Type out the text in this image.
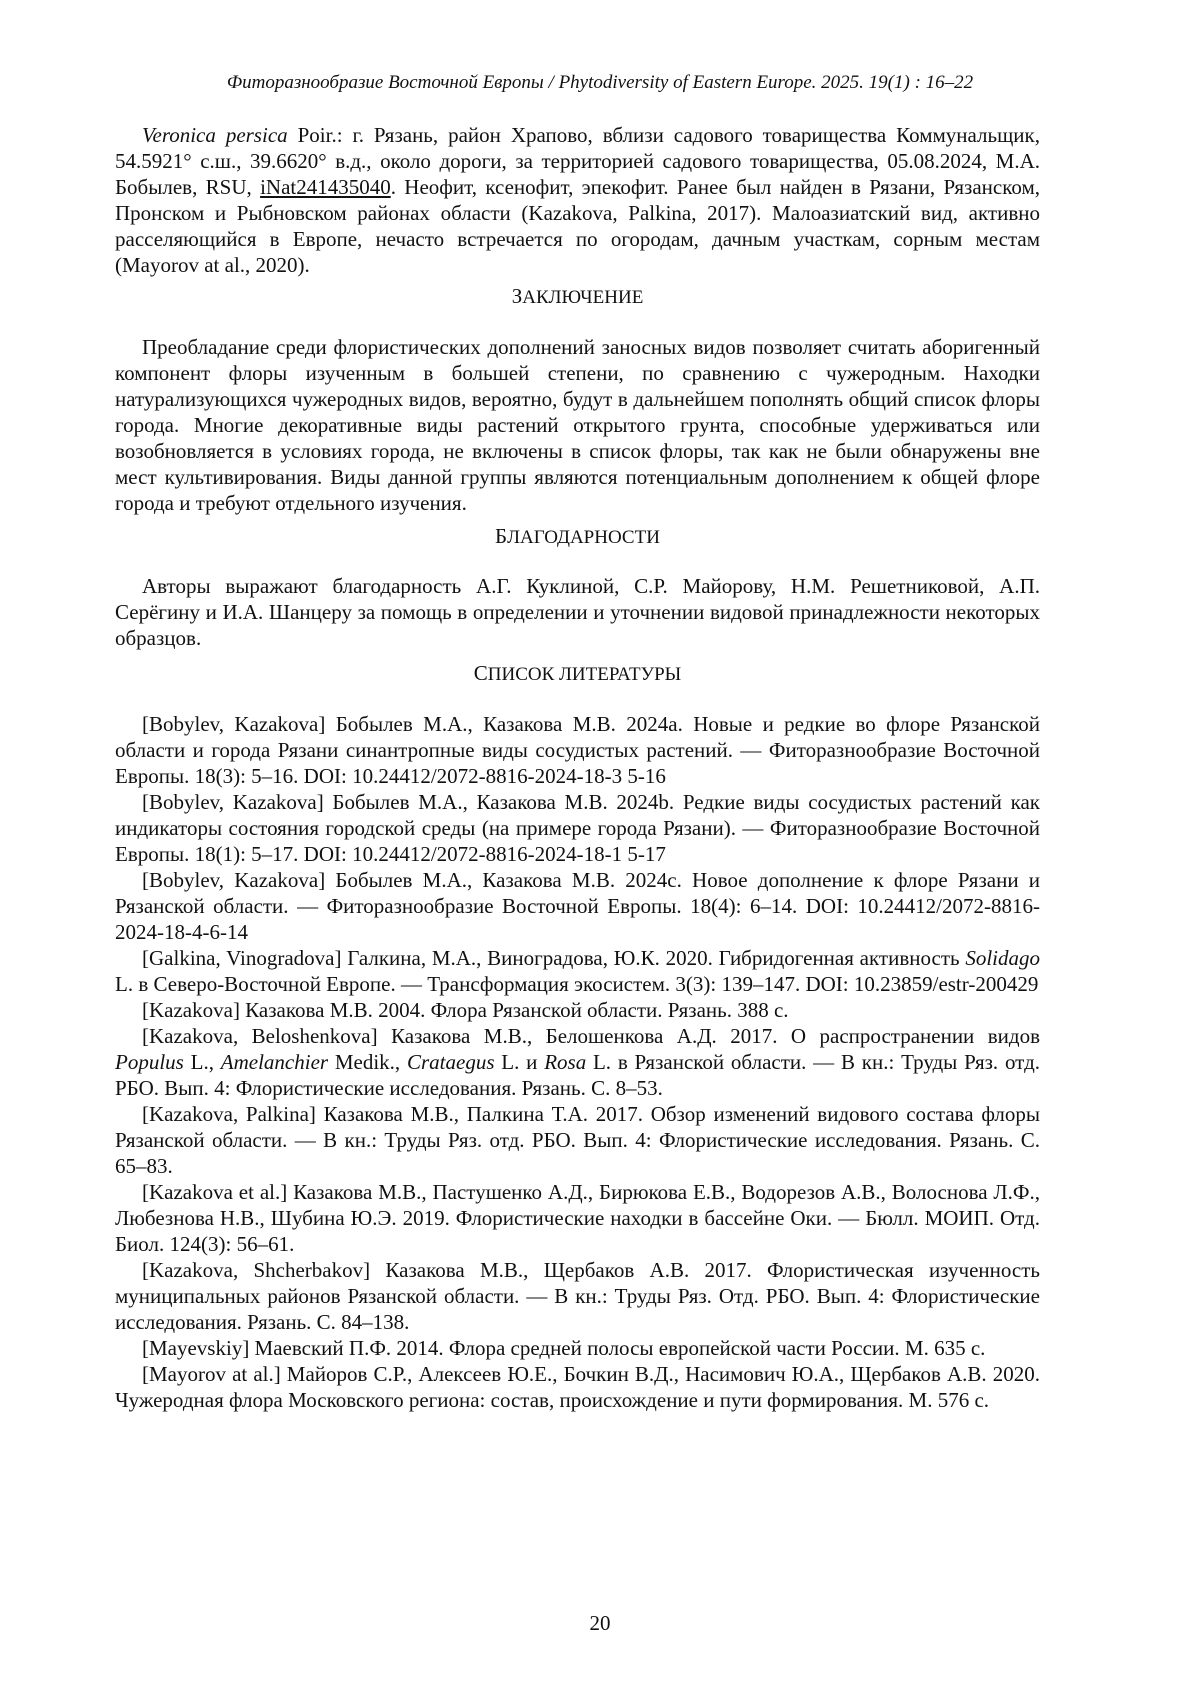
Фиторазнообразие Восточной Европы / Phytodiversity of Eastern Europe. 2025. 19(1) : 16–22

Veronica persica Poir.: г. Рязань, район Храпово, вблизи садового товарищества Коммунальщик, 54.5921° с.ш., 39.6620° в.д., около дороги, за территорией садового товарищества, 05.08.2024, М.А. Бобылев, RSU, iNat241435040. Неофит, ксенофит, эпекофит. Ранее был найден в Рязани, Рязанском, Пронском и Рыбновском районах области (Kazakova, Palkina, 2017). Малоазиатский вид, активно расселяющийся в Европе, нечасто встречается по огородам, дачным участкам, сорным местам (Mayorov at al., 2020).

ЗАКЛЮЧЕНИЕ

Преобладание среди флористических дополнений заносных видов позволяет считать аборигенный компонент флоры изученным в большей степени, по сравнению с чужеродным. Находки натурализующихся чужеродных видов, вероятно, будут в дальнейшем пополнять общий список флоры города. Многие декоративные виды растений открытого грунта, способные удерживаться или возобновляется в условиях города, не включены в список флоры, так как не были обнаружены вне мест культивирования. Виды данной группы являются потенциальным дополнением к общей флоре города и требуют отдельного изучения.

БЛАГОДАРНОСТИ

Авторы выражают благодарность А.Г. Куклиной, С.Р. Майорову, Н.М. Решетниковой, А.П. Серёгину и И.А. Шанцеру за помощь в определении и уточнении видовой принадлежности некоторых образцов.

СПИСОК ЛИТЕРАТУРЫ

[Bobylev, Kazakova] Бобылев М.А., Казакова М.В. 2024a. Новые и редкие во флоре Рязанской области и города Рязани синантропные виды сосудистых растений. — Фиторазнообразие Восточной Европы. 18(3): 5–16. DOI: 10.24412/2072-8816-2024-18-3 5-16

[Bobylev, Kazakova] Бобылев М.А., Казакова М.В. 2024b. Редкие виды сосудистых растений как индикаторы состояния городской среды (на примере города Рязани). — Фиторазнообразие Восточной Европы. 18(1): 5–17. DOI: 10.24412/2072-8816-2024-18-1 5-17

[Bobylev, Kazakova] Бобылев М.А., Казакова М.В. 2024c. Новое дополнение к флоре Рязани и Рязанской области. — Фиторазнообразие Восточной Европы. 18(4): 6–14. DOI: 10.24412/2072-8816-2024-18-4-6-14

[Galkina, Vinogradova] Галкина, М.А., Виноградова, Ю.К. 2020. Гибридогенная активность Solidago L. в Северо-Восточной Европе. — Трансформация экосистем. 3(3): 139–147. DOI: 10.23859/estr-200429

[Kazakova] Казакова М.В. 2004. Флора Рязанской области. Рязань. 388 с.

[Kazakova, Beloshenkova] Казакова М.В., Белошенкова А.Д. 2017. О распространении видов Populus L., Amelanchier Medik., Crataegus L. и Rosa L. в Рязанской области. — В кн.: Труды Ряз. отд. РБО. Вып. 4: Флористические исследования. Рязань. С. 8–53.

[Kazakova, Palkina] Казакова М.В., Палкина Т.А. 2017. Обзор изменений видового состава флоры Рязанской области. — В кн.: Труды Ряз. отд. РБО. Вып. 4: Флористические исследования. Рязань. С. 65–83.

[Kazakova et al.] Казакова М.В., Пастушенко А.Д., Бирюкова Е.В., Водорезов А.В., Волоснова Л.Ф., Любезнова Н.В., Шубина Ю.Э. 2019. Флористические находки в бассейне Оки. — Бюлл. МОИП. Отд. Биол. 124(3): 56–61.

[Kazakova, Shcherbakov] Казакова М.В., Щербаков А.В. 2017. Флористическая изученность муниципальных районов Рязанской области. — В кн.: Труды Ряз. Отд. РБО. Вып. 4: Флористические исследования. Рязань. С. 84–138.

[Mayevskiy] Маевский П.Ф. 2014. Флора средней полосы европейской части России. М. 635 с.

[Mayorov at al.] Майоров С.Р., Алексеев Ю.Е., Бочкин В.Д., Насимович Ю.А., Щербаков А.В. 2020. Чужеродная флора Московского региона: состав, происхождение и пути формирования. М. 576 с.

20
